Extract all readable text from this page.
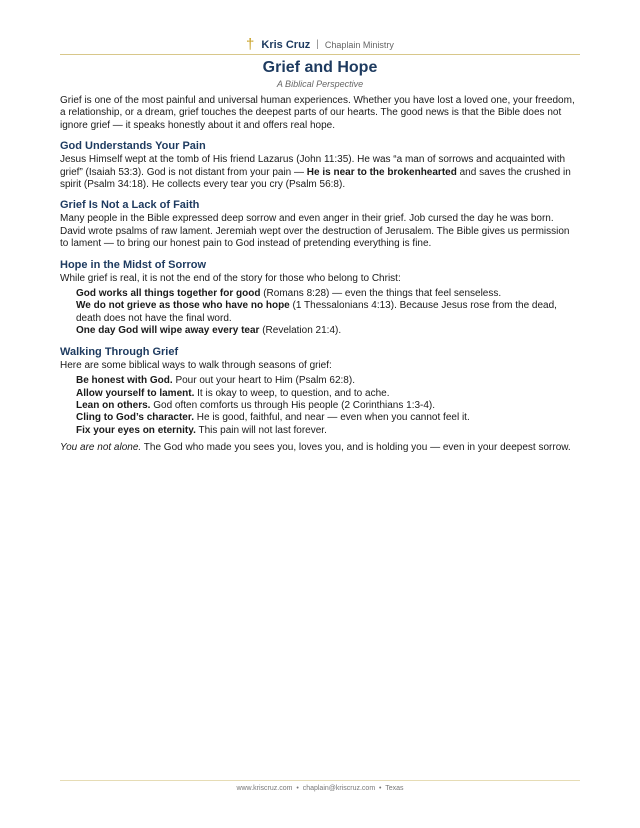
† Kris Cruz | Chaplain Ministry
Grief and Hope
A Biblical Perspective

Grief is one of the most painful and universal human experiences. Whether you have lost a loved one, your freedom, a relationship, or a dream, grief touches the deepest parts of our hearts. The good news is that the Bible does not ignore grief — it speaks honestly about it and offers real hope.

God Understands Your Pain

Jesus Himself wept at the tomb of His friend Lazarus (John 11:35). He was “a man of sorrows and acquainted with grief” (Isaiah 53:3). God is not distant from your pain — He is near to the brokenhearted and saves the crushed in spirit (Psalm 34:18). He collects every tear you cry (Psalm 56:8).

Grief Is Not a Lack of Faith

Many people in the Bible expressed deep sorrow and even anger in their grief. Job cursed the day he was born. David wrote psalms of raw lament. Jeremiah wept over the destruction of Jerusalem. The Bible gives us permission to lament — to bring our honest pain to God instead of pretending everything is fine.

Hope in the Midst of Sorrow

While grief is real, it is not the end of the story for those who belong to Christ:

God works all things together for good (Romans 8:28) — even the things that feel senseless.

We do not grieve as those who have no hope (1 Thessalonians 4:13). Because Jesus rose from the dead, death does not have the final word.

One day God will wipe away every tear (Revelation 21:4).

Walking Through Grief

Here are some biblical ways to walk through seasons of grief:

Be honest with God. Pour out your heart to Him (Psalm 62:8).

Allow yourself to lament. It is okay to weep, to question, and to ache.

Lean on others. God often comforts us through His people (2 Corinthians 1:3-4).

Cling to God’s character. He is good, faithful, and near — even when you cannot feel it.

Fix your eyes on eternity. This pain will not last forever.

You are not alone. The God who made you sees you, loves you, and is holding you — even in your deepest sorrow.

www.kriscruz.com • chaplain@kriscruz.com • Texas
